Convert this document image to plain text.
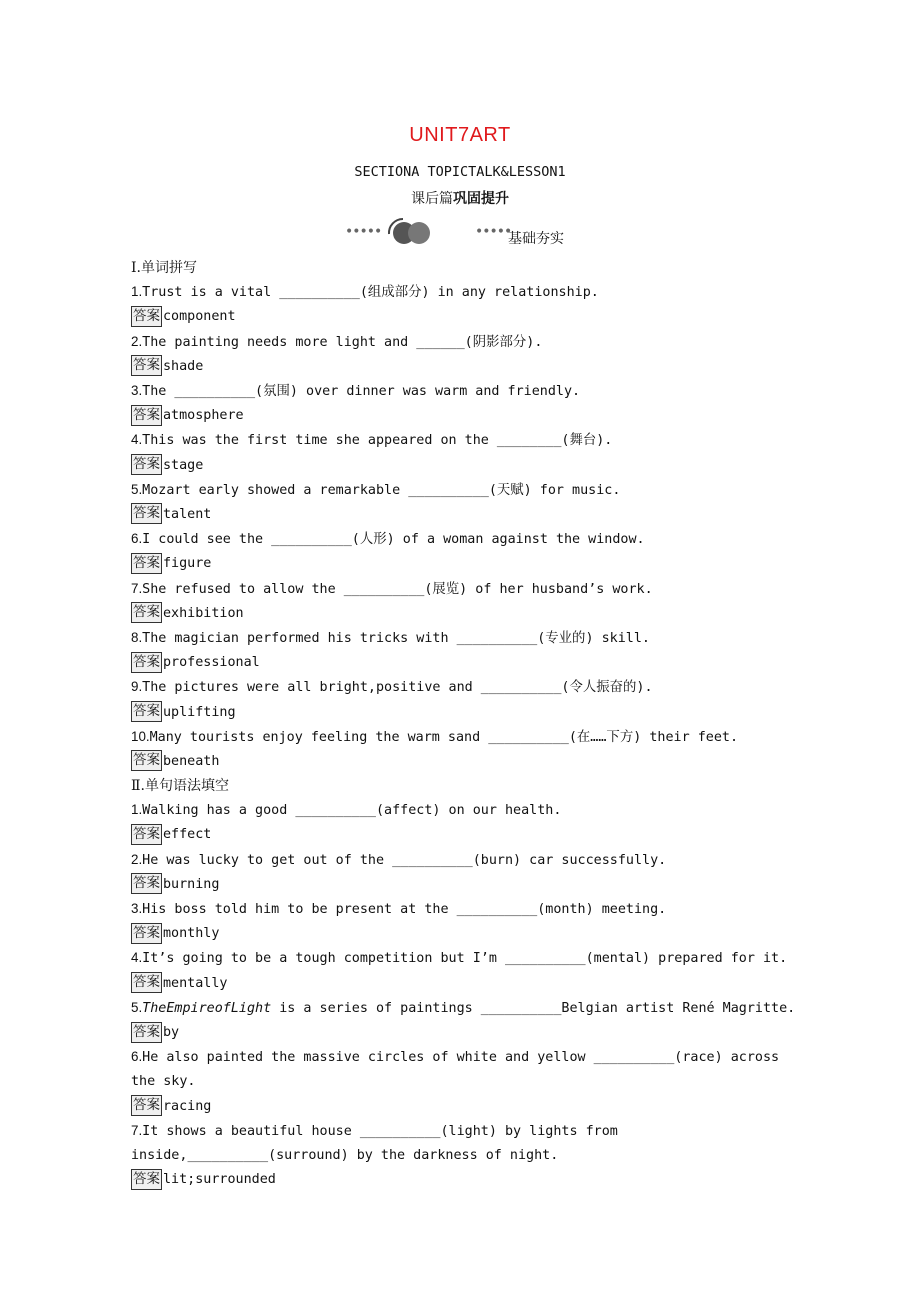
UNIT7ART
SECTIONA TOPICTALK&LESSON1
课后篇巩固提升
•••••	•••••
基础夯实
Ⅰ.单词拼写
1.Trust is a vital __________(组成部分) in any relationship.
答案 component
2.The painting needs more light and ______(阴影部分).
答案 shade
3.The __________(氛围) over dinner was warm and friendly.
答案 atmosphere
4.This was the first time she appeared on the ________(舞台).
答案 stage
5.Mozart early showed a remarkable __________(天赋) for music.
答案 talent
6.I could see the __________(人形) of a woman against the window.
答案 figure
7.She refused to allow the __________(展览) of her husband’s work.
答案 exhibition
8.The magician performed his tricks with __________(专业的) skill.
答案 professional
9.The pictures were all bright,positive and __________(令人振奋的).
答案 uplifting
10.Many tourists enjoy feeling the warm sand __________(在……下方) their feet.
答案 beneath
Ⅱ.单句语法填空
1.Walking has a good __________(affect) on our health.
答案 effect
2.He was lucky to get out of the __________(burn) car successfully.
答案 burning
3.His boss told him to be present at the __________(month) meeting.
答案 monthly
4.It’s going to be a tough competition but I’m __________(mental) prepared for it.
答案 mentally
5.TheEmpireofLight is a series of paintings __________Belgian artist René Magritte.
答案 by
6.He also painted the massive circles of white and yellow __________(race) across the sky.
答案 racing
7.It shows a beautiful house __________(light) by lights from inside,__________(surround) by the darkness of night.
答案 lit;surrounded
